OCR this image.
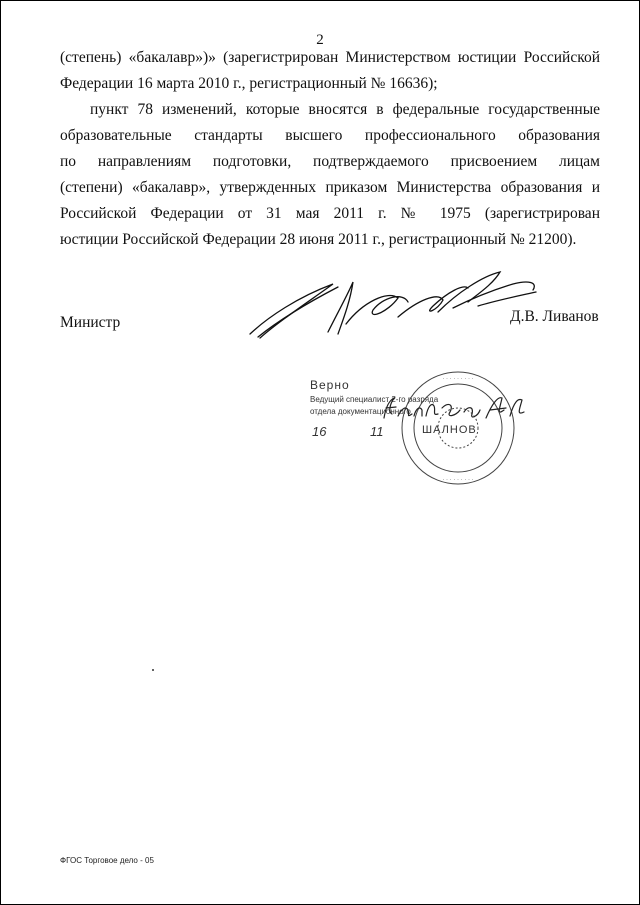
2
(степень) «бакалавр»)» (зарегистрирован Министерством юстиции Российской
Федерации 16 марта 2010 г., регистрационный № 16636);
пункт 78 изменений, которые вносятся в федеральные государственные
образовательные стандарты высшего профессионального образования
по направлениям подготовки, подтверждаемого присвоением лицам
(степени) «бакалавр», утвержденных приказом Министерства образования и
Российской Федерации от 31 мая 2011 г. № 1975 (зарегистрирован
юстиции Российской Федерации 28 июня 2011 г., регистрационный № 21200).
Министр	Д.В. Ливанов
Верно
Ведущий специалист 2-го разряда
отдела документационного
16	11	ШАЛНОВ
· · · · · · · · ·
· · · · · · · · ·
ФГОС Торговое дело - 05
